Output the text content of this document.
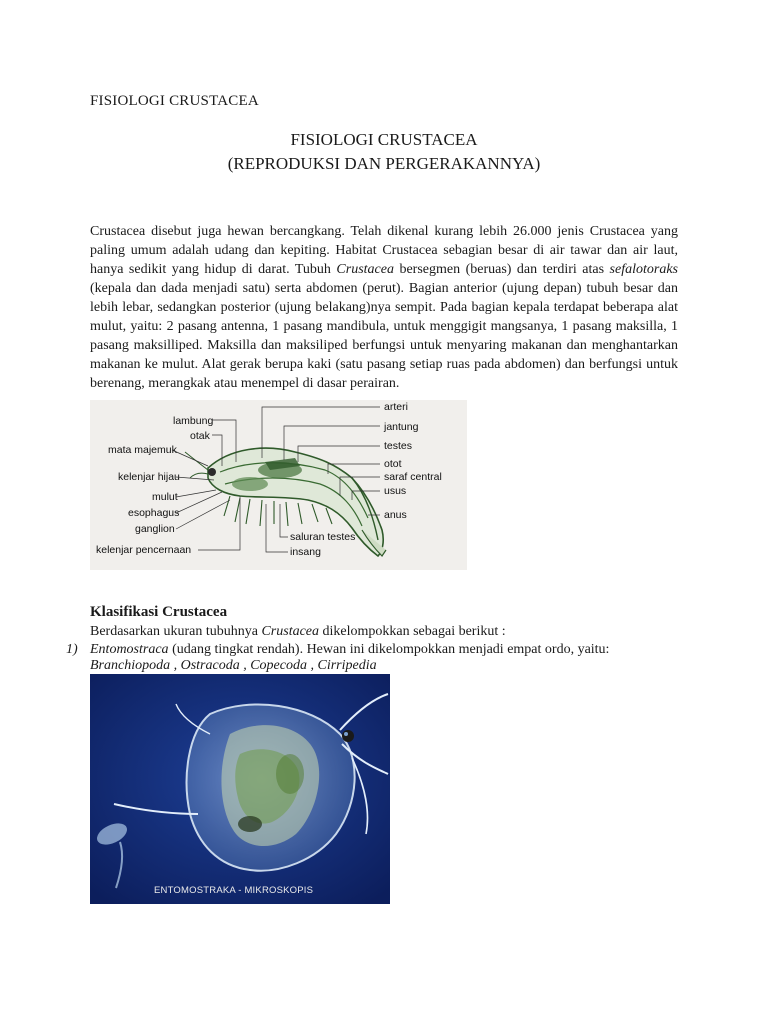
FISIOLOGI CRUSTACEA
FISIOLOGI CRUSTACEA
(REPRODUKSI DAN PERGERAKANNYA)

Crustacea disebut juga hewan bercangkang. Telah dikenal kurang lebih 26.000 jenis Crustacea yang paling umum adalah udang dan kepiting. Habitat Crustacea sebagian besar di air tawar dan air laut, hanya sedikit yang hidup di darat. Tubuh Crustacea bersegmen (beruas) dan terdiri atas sefalotoraks (kepala dan dada menjadi satu) serta abdomen (perut). Bagian anterior (ujung depan) tubuh besar dan lebih lebar, sedangkan posterior (ujung belakang)nya sempit. Pada bagian kepala terdapat beberapa alat mulut, yaitu: 2 pasang antenna, 1 pasang mandibula, untuk menggigit mangsanya, 1 pasang maksilla, 1 pasang maksilliped. Maksilla dan maksiliped berfungsi untuk menyaring makanan dan menghantarkan makanan ke mulut. Alat gerak berupa kaki (satu pasang setiap ruas pada abdomen) dan berfungsi untuk berenang, merangkak atau menempel di dasar perairan.

lambung
otak
mata majemuk
kelenjar hijau
mulut
esophagus
ganglion
kelenjar pencernaan
arteri
jantung
testes
otot
saraf central
usus
anus
saluran testes
insang
Klasifikasi Crustacea
Berdasarkan ukuran tubuhnya Crustacea dikelompokkan sebagai berikut :
1) Entomostraca (udang tingkat rendah). Hewan ini dikelompokkan menjadi empat ordo, yaitu:
Branchiopoda , Ostracoda , Copecoda , Cirripedia
ENTOMOSTRAKA - MIKROSKOPIS
